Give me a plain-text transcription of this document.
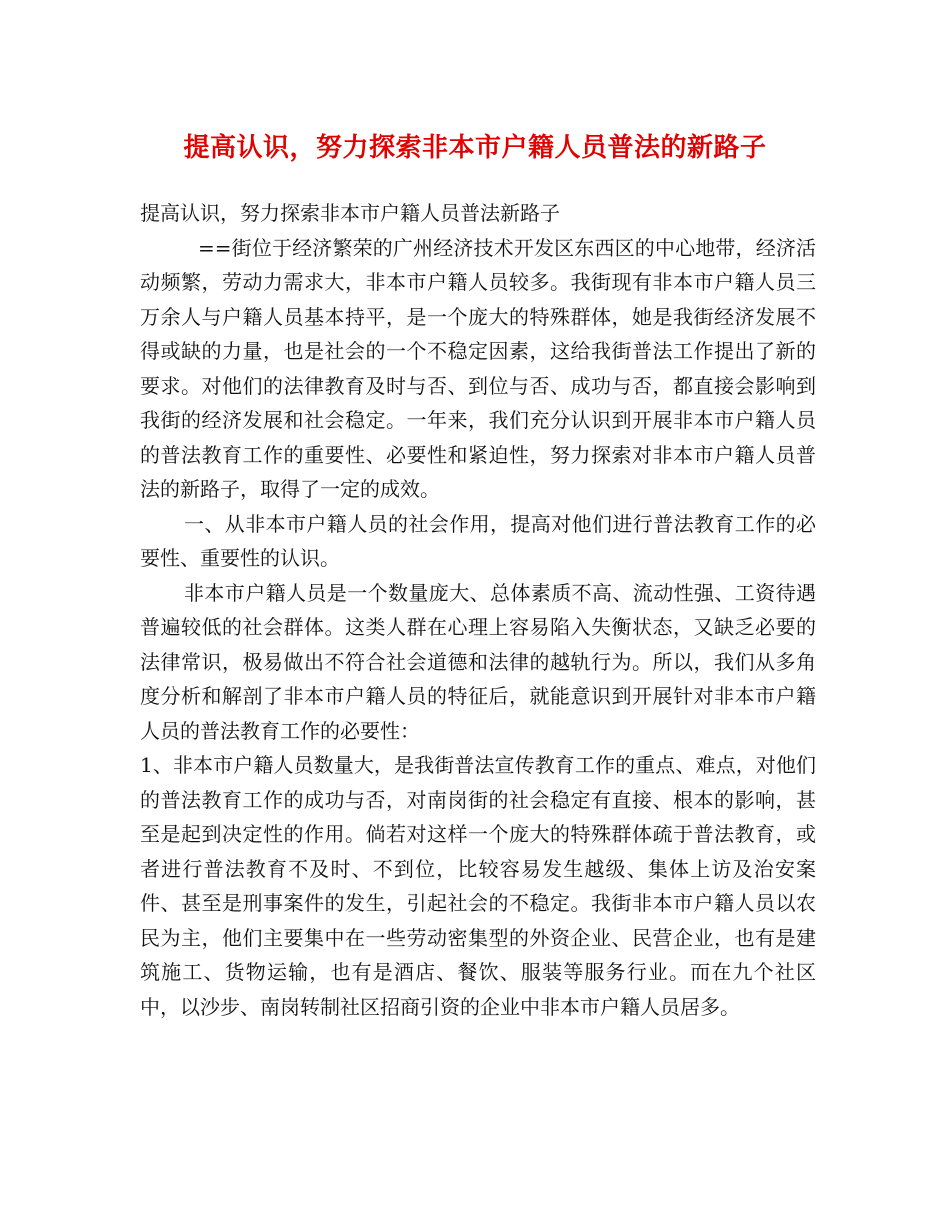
提高认识，努力探索非本市户籍人员普法的新路子

提高认识，努力探索非本市户籍人员普法新路子

==街位于经济繁荣的广州经济技术开发区东西区的中心地带，经济活动频繁，劳动力需求大，非本市户籍人员较多。我街现有非本市户籍人员三万余人与户籍人员基本持平，是一个庞大的特殊群体，她是我街经济发展不得或缺的力量，也是社会的一个不稳定因素，这给我街普法工作提出了新的要求。对他们的法律教育及时与否、到位与否、成功与否，都直接会影响到我街的经济发展和社会稳定。一年来，我们充分认识到开展非本市户籍人员的普法教育工作的重要性、必要性和紧迫性，努力探索对非本市户籍人员普法的新路子，取得了一定的成效。

一、从非本市户籍人员的社会作用，提高对他们进行普法教育工作的必要性、重要性的认识。

非本市户籍人员是一个数量庞大、总体素质不高、流动性强、工资待遇普遍较低的社会群体。这类人群在心理上容易陷入失衡状态，又缺乏必要的法律常识，极易做出不符合社会道德和法律的越轨行为。所以，我们从多角度分析和解剖了非本市户籍人员的特征后，就能意识到开展针对非本市户籍人员的普法教育工作的必要性：

1、非本市户籍人员数量大，是我街普法宣传教育工作的重点、难点，对他们的普法教育工作的成功与否，对南岗街的社会稳定有直接、根本的影响，甚至是起到决定性的作用。倘若对这样一个庞大的特殊群体疏于普法教育，或者进行普法教育不及时、不到位，比较容易发生越级、集体上访及治安案件、甚至是刑事案件的发生，引起社会的不稳定。我街非本市户籍人员以农民为主，他们主要集中在一些劳动密集型的外资企业、民营企业，也有是建筑施工、货物运输，也有是酒店、餐饮、服装等服务行业。而在九个社区中，以沙步、南岗转制社区招商引资的企业中非本市户籍人员居多。
